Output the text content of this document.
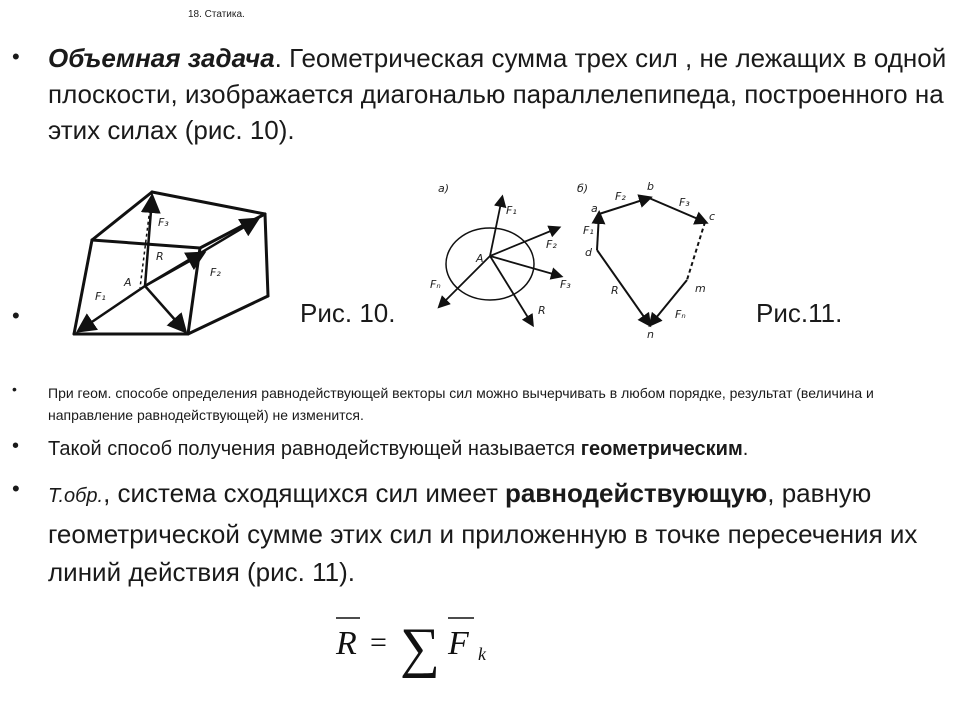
18. Статика.
• Объемная задача. Геометрическая сумма трех сил , не лежащих в одной плоскости, изображается диагональю параллелепипеда, построенного на этих силах (рис. 10).
F₃
R
F₂
F₁
A
•	Рис. 10.
а)
F₁
F₂
F₃
Fₙ
R
A
б)
a
b
c
d
m
n
F₁
F₂	F₃
Fₙ
R
Рис.11.
• При геом. способе определения равнодействующей векторы сил можно вычерчивать в любом порядке, результат (величина и направление равнодействующей) не изменится.
• Такой способ получения равнодействующей называется геометрическим.
• Т.обр., система сходящихся сил имеет равнодействующую, равную геометрической сумме этих сил и приложенную в точке пересечения их линий действия (рис. 11).
R = ∑ F k
